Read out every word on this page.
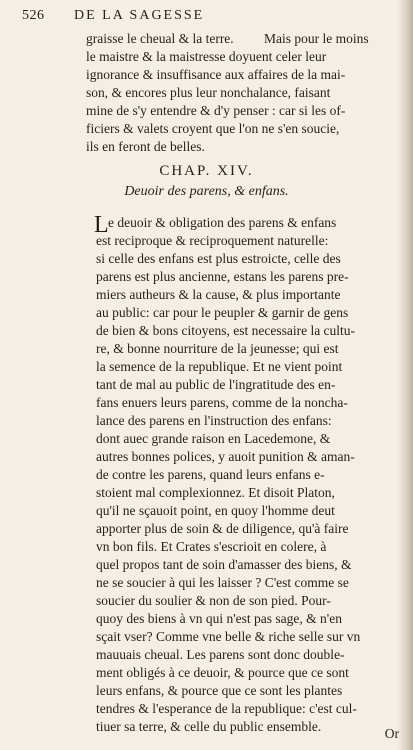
526 DE LA SAGESSE
Mais pour le moins
graisse le cheual & la terre.
le maistre & la maistresse doyuent celer leur
ignorance & insuffisance aux affaires de la mai-
son, & encores plus leur nonchalance, faisant
mine de s'y entendre & d'y penser : car si les of-
ficiers & valets croyent que l'on ne s'en soucie,
ils en feront de belles.
CHAP. XIV.
Deuoir des parens, & enfans.
L e deuoir & obligation des parens & enfans
est reciproque & reciproquement naturelle:
si celle des enfans est plus estroicte, celle des
parens est plus ancienne, estans les parens pre-
miers autheurs & la cause, & plus importante
au public: car pour le peupler & garnir de gens
de bien & bons citoyens, est necessaire la cultu-
re, & bonne nourriture de la jeunesse; qui est
la semence de la republique. Et ne vient point
tant de mal au public de l'ingratitude des en-
fans enuers leurs parens, comme de la noncha-
lance des parens en l'instruction des enfans:
dont auec grande raison en Lacedemone, &
autres bonnes polices, y auoit punition & aman-
de contre les parens, quand leurs enfans e-
stoient mal complexionnez. Et disoit Platon,
qu'il ne sçauoit point, en quoy l'homme deut
apporter plus de soin & de diligence, qu'à faire
vn bon fils. Et Crates s'escrioit en colere, à
quel propos tant de soin d'amasser des biens, &
ne se soucier à qui les laisser ? C'est comme se
soucier du soulier & non de son pied. Pour-
quoy des biens à vn qui n'est pas sage, & n'en
sçait vser? Comme vne belle & riche selle sur vn
mauuais cheual. Les parens sont donc double-
ment obligés à ce deuoir, & pource que ce sont
leurs enfans, & pource que ce sont les plantes
tendres & l'esperance de la republique: c'est cul-
tiuer sa terre, & celle du public ensemble.	Or
